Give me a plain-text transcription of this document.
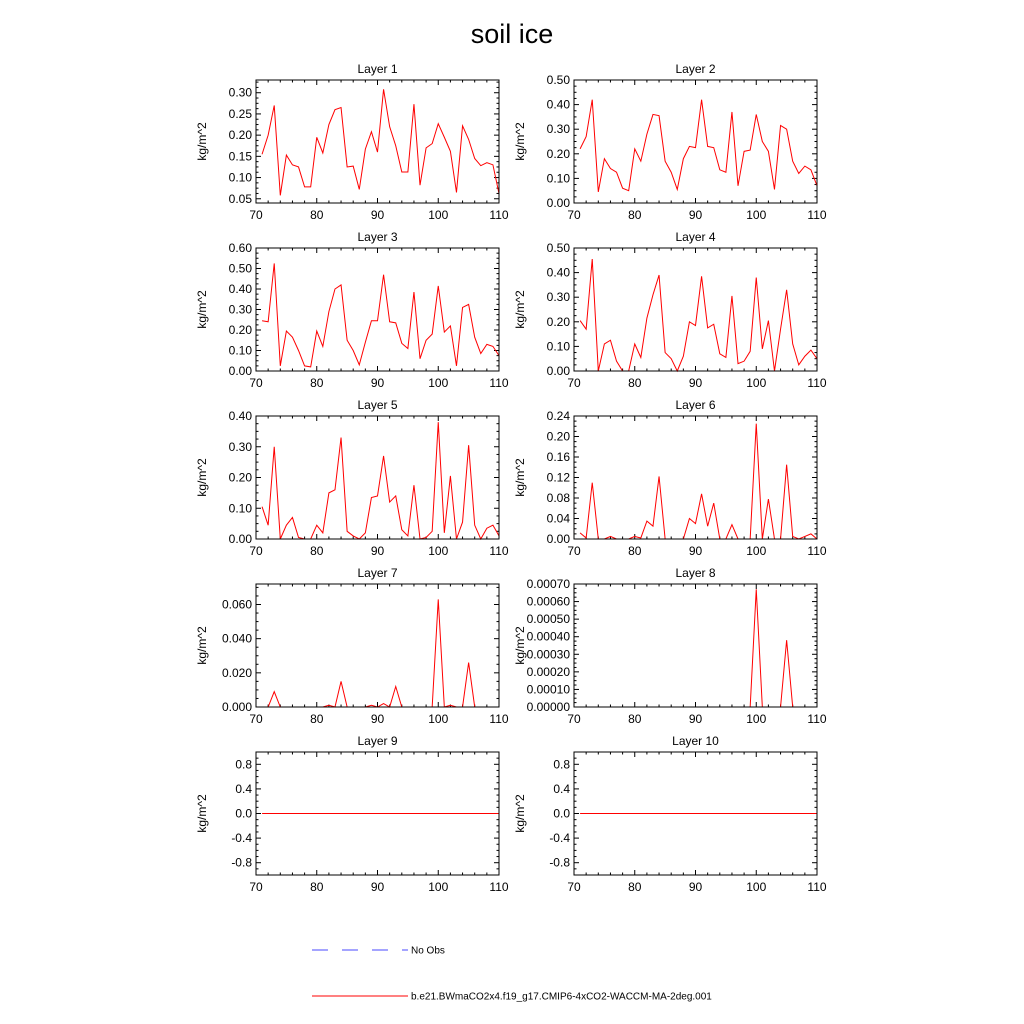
soil ice
Layer 1
kg/m^2
70	80	90	100	110
0.05
0.10
0.15
0.20
0.25
0.30
Layer 2
kg/m^2
70	80	90	100	110
0.00
0.10
0.20
0.30
0.40
0.50
Layer 3
kg/m^2
70	80	90	100	110
0.00
0.10
0.20
0.30
0.40
0.50
0.60
Layer 4
kg/m^2
70	80	90	100	110
0.00
0.10
0.20
0.30
0.40
0.50
Layer 5
kg/m^2
70	80	90	100	110
0.00
0.10
0.20
0.30
0.40
Layer 6
kg/m^2
70	80	90	100	110
0.00
0.04
0.08
0.12
0.16
0.20
0.24
Layer 7
kg/m^2
70	80	90	100	110
0.000
0.020
0.040
0.060
Layer 8
kg/m^2
70	80	90	100	110
0.00000
0.00010
0.00020
0.00030
0.00040
0.00050
0.00060
0.00070
Layer 9
kg/m^2
70	80	90	100	110
-0.8
-0.4
0.0
0.4
0.8
Layer 10
kg/m^2
70	80	90	100	110
-0.8
-0.4
0.0
0.4
0.8
No Obs
b.e21.BWmaCO2x4.f19_g17.CMIP6-4xCO2-WACCM-MA-2deg.001
